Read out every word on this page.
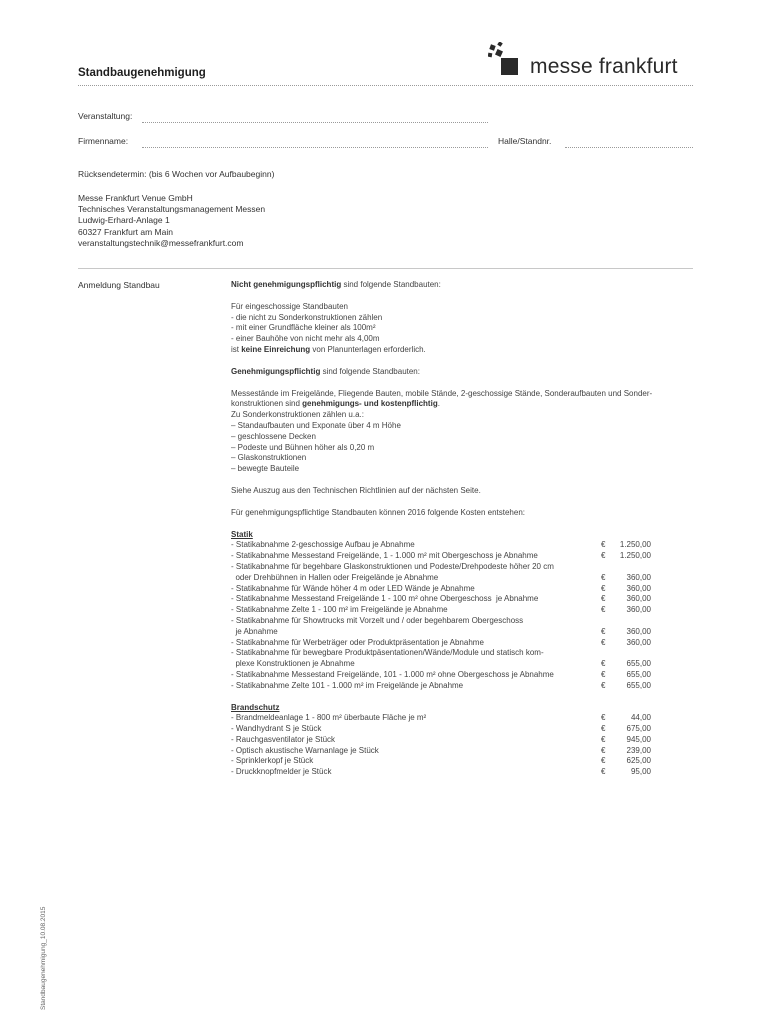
Standbaugenehmigung	messe frankfurt
Veranstaltung:
Firmenname:	Halle/Standnr.
Rücksendetermin: (bis 6 Wochen vor Aufbaubeginn)
Messe Frankfurt Venue GmbH
Technisches Veranstaltungsmanagement Messen
Ludwig-Erhard-Anlage 1
60327 Frankfurt am Main
veranstaltungstechnik@messefrankfurt.com
Anmeldung Standbau	Nicht genehmigungspflichtig sind folgende Standbauten:

Für eingeschossige Standbauten

- die nicht zu Sonderkonstruktionen zählen

- mit einer Grundfläche kleiner als 100m²

- einer Bauhöhe von nicht mehr als 4,00m

ist keine Einreichung von Planunterlagen erforderlich.

Genehmigungspflichtig sind folgende Standbauten:

Messestände im Freigelände, Fliegende Bauten, mobile Stände, 2-geschossige Stände, Sonderaufbauten und Sonder-

konstruktionen sind genehmigungs- und kostenpflichtig.

Zu Sonderkonstruktionen zählen u.a.:

– Standaufbauten und Exponate über 4 m Höhe

– geschlossene Decken

– Podeste und Bühnen höher als 0,20 m

– Glaskonstruktionen

– bewegte Bauteile

Siehe Auszug aus den Technischen Richtlinien auf der nächsten Seite.

Für genehmigungspflichtige Standbauten können 2016 folgende Kosten entstehen:

Statik

- Statikabnahme 2-geschossige Aufbau je Abnahme	€	1.250,00

- Statikabnahme Messestand Freigelände, 1 - 1.000 m² mit Obergeschoss je Abnahme	€	1.250,00

- Statikabnahme für begehbare Glaskonstruktionen und Podeste/Drehpodeste höher 20 cm

oder Drehbühnen in Hallen oder Freigelände je Abnahme	€	360,00

- Statikabnahme für Wände höher 4 m oder LED Wände je Abnahme	€	360,00

- Statikabnahme Messestand Freigelände 1 - 100 m² ohne Obergeschoss  je Abnahme	€	360,00

- Statikabnahme Zelte 1 - 100 m² im Freigelände je Abnahme	€	360,00

- Statikabnahme für Showtrucks mit Vorzelt und / oder begehbarem Obergeschoss

je Abnahme	€	360,00

- Statikabnahme für Werbeträger oder Produktpräsentation je Abnahme	€	360,00

- Statikabnahme für bewegbare Produktpäsentationen/Wände/Module und statisch kom-

plexe Konstruktionen je Abnahme	€	655,00

- Statikabnahme Messestand Freigelände, 101 - 1.000 m² ohne Obergeschoss je Abnahme	€	655,00

- Statikabnahme Zelte 101 - 1.000 m² im Freigelände je Abnahme	€	655,00

Brandschutz

- Brandmeldeanlage 1 - 800 m² überbaute Fläche je m²	€	44,00

- Wandhydrant S je Stück	€	675,00

- Rauchgasventilator je Stück	€	945,00

- Optisch akustische Warnanlage je Stück	€	239,00

- Sprinklerkopf je Stück	€	625,00

- Druckknopfmelder je Stück	€	95,00
Standbaugenehmigung_10.08.2015
